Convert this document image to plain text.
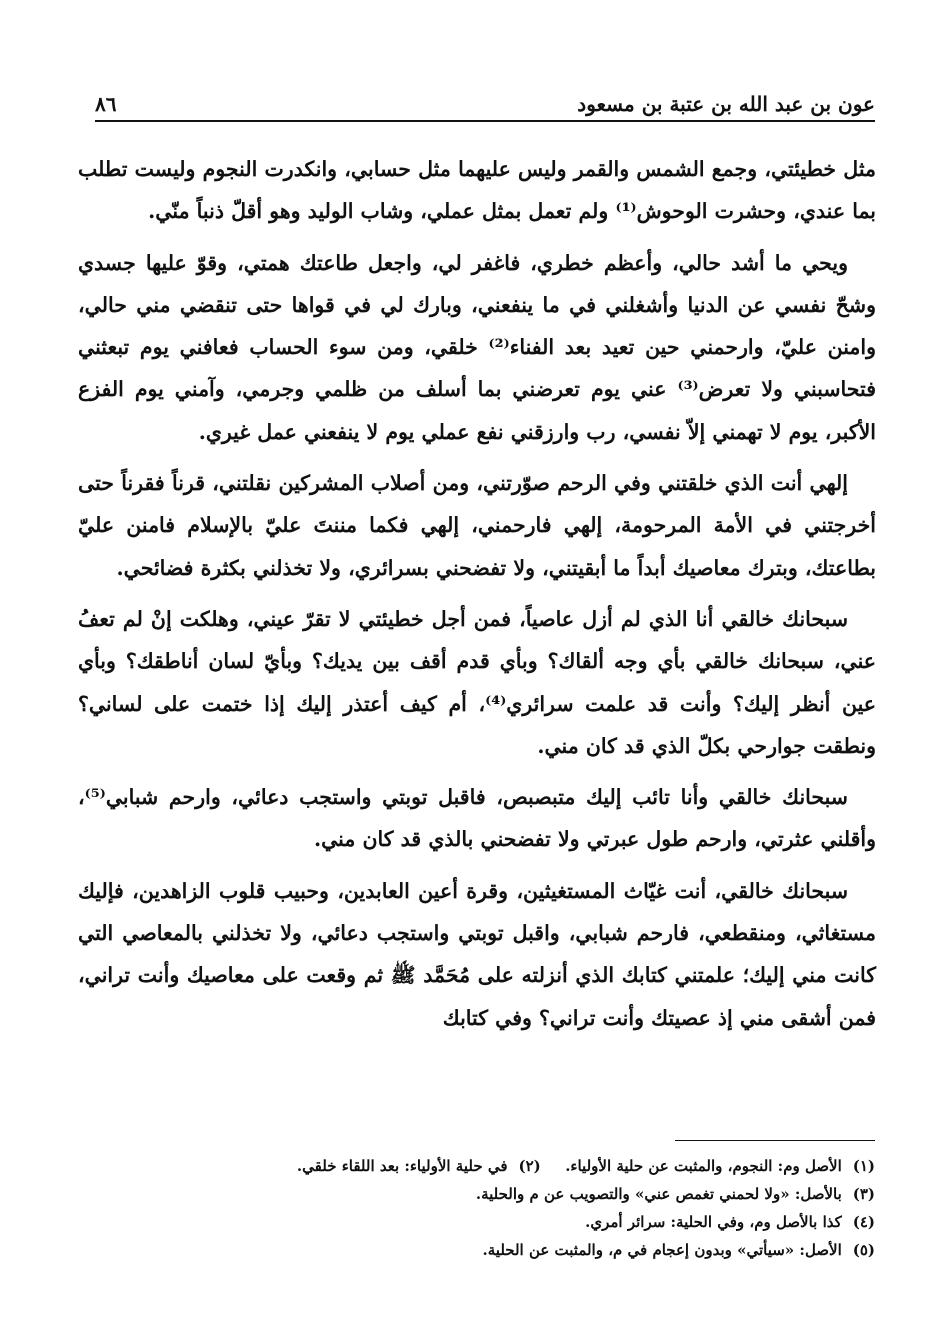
عون بن عبد الله بن عتبة بن مسعود
٨٦

مثل خطيئتي، وجمع الشمس والقمر وليس عليهما مثل حسابي، وانكدرت النجوم وليست تطلب بما عندي، وحشرت الوحوش⁽¹⁾ ولم تعمل بمثل عملي، وشاب الوليد وهو أقلّ ذنباً منّي.

ويحي ما أشد حالي، وأعظم خطري، فاغفر لي، واجعل طاعتك همتي، وقوّ عليها جسدي وشحّ نفسي عن الدنيا وأشغلني في ما ينفعني، وبارك لي في قواها حتى تنقضي مني حالي، وامنن عليّ، وارحمني حين تعيد بعد الفناء⁽²⁾ خلقي، ومن سوء الحساب فعافني يوم تبعثني فتحاسبني ولا تعرض⁽³⁾ عني يوم تعرضني بما أسلف من ظلمي وجرمي، وآمني يوم الفزع الأكبر، يوم لا تهمني إلاّ نفسي، رب وارزقني نفع عملي يوم لا ينفعني عمل غيري.

إلهي أنت الذي خلقتني وفي الرحم صوّرتني، ومن أصلاب المشركين نقلتني، قرناً فقرناً حتى أخرجتني في الأمة المرحومة، إلهي فارحمني، إلهي فكما مننتَ عليّ بالإسلام فامنن عليّ بطاعتك، وبترك معاصيك أبداً ما أبقيتني، ولا تفضحني بسرائري، ولا تخذلني بكثرة فضائحي.

سبحانك خالقي أنا الذي لم أزل عاصياً، فمن أجل خطيئتي لا تقرّ عيني، وهلكت إنْ لم تعفُ عني، سبحانك خالقي بأي وجه ألقاك؟ وبأي قدم أقف بين يديك؟ وبأيّ لسان أناطقك؟ وبأي عين أنظر إليك؟ وأنت قد علمت سرائري⁽⁴⁾، أم كيف أعتذر إليك إذا ختمت على لساني؟ ونطقت جوارحي بكلّ الذي قد كان مني.

سبحانك خالقي وأنا تائب إليك متبصبص، فاقبل توبتي واستجب دعائي، وارحم شبابي⁽⁵⁾، وأقلني عثرتي، وارحم طول عبرتي ولا تفضحني بالذي قد كان مني.

سبحانك خالقي، أنت غيّاث المستغيثين، وقرة أعين العابدين، وحبيب قلوب الزاهدين، فإليك مستغاثي، ومنقطعي، فارحم شبابي، واقبل توبتي واستجب دعائي، ولا تخذلني بالمعاصي التي كانت مني إليك؛ علمتني كتابك الذي أنزلته على مُحَمَّد ﷺ ثم وقعت على معاصيك وأنت تراني، فمن أشقى مني إذ عصيتك وأنت تراني؟ وفي كتابك

(١) الأصل وم: النجوم، والمثبت عن حلية الأولياء.  (٢) في حلية الأولياء: بعد اللقاء خلقي.
(٣) بالأصل: «ولا لحمني تغمص عني» والتصويب عن م والحلية.
(٤) كذا بالأصل وم، وفي الحلية: سرائر أمري.
(٥) الأصل: «سيأتي» وبدون إعجام في م، والمثبت عن الحلية.
